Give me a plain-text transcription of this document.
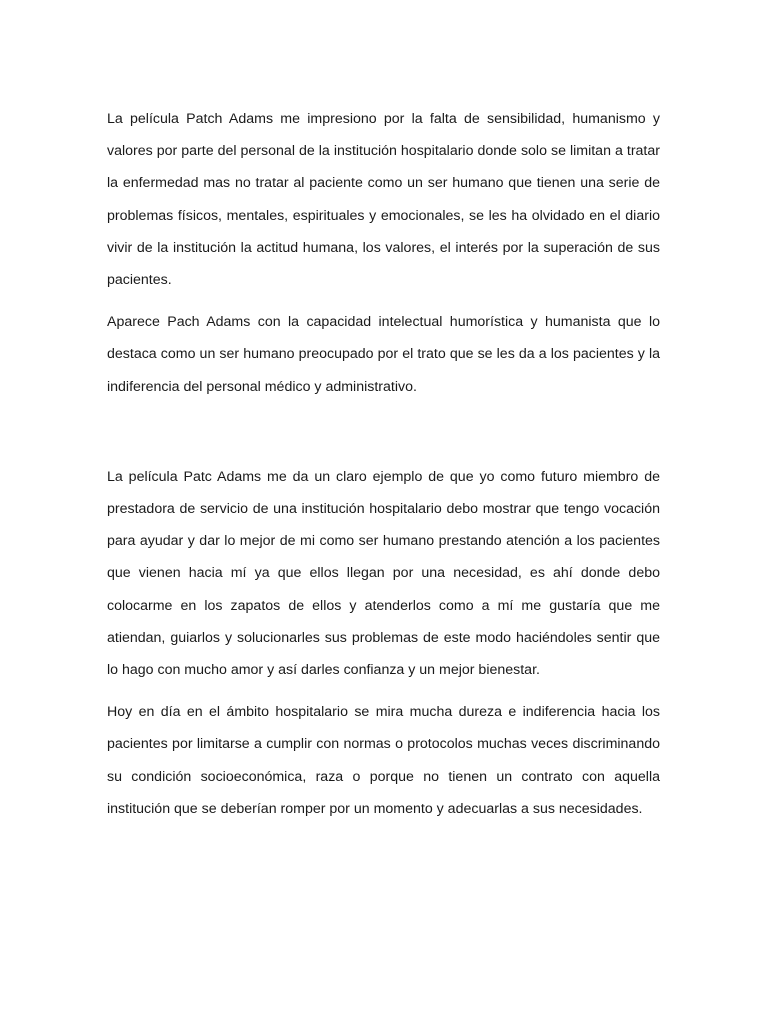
La película Patch Adams me impresiono por la falta de sensibilidad, humanismo y valores por parte del personal de la institución hospitalario donde solo se limitan a tratar la enfermedad mas no tratar al paciente como un ser humano que tienen una serie de problemas físicos, mentales, espirituales y emocionales, se les ha olvidado en el diario vivir de la institución la actitud humana, los valores, el interés por la superación de sus pacientes.

Aparece Pach Adams con la capacidad intelectual humorística y humanista que lo destaca como un ser humano preocupado por el trato que se les da a los pacientes y la indiferencia del personal médico y administrativo.

La película Patc Adams me da un claro ejemplo de que yo como futuro miembro de prestadora de servicio de una institución hospitalario debo mostrar que tengo vocación para ayudar y dar lo mejor de mi como ser humano prestando atención a los pacientes que vienen hacia mí ya que ellos llegan por una necesidad, es ahí donde debo colocarme en los zapatos de ellos y atenderlos como a mí me gustaría que me atiendan, guiarlos y solucionarles sus problemas de este modo haciéndoles sentir que lo hago con mucho amor y así darles confianza y un mejor bienestar.

Hoy en día en el ámbito hospitalario se mira mucha dureza e indiferencia hacia los pacientes por limitarse a cumplir con normas o protocolos muchas veces discriminando su condición socioeconómica, raza o porque no tienen un contrato con aquella institución que se deberían romper por un momento y adecuarlas a sus necesidades.
